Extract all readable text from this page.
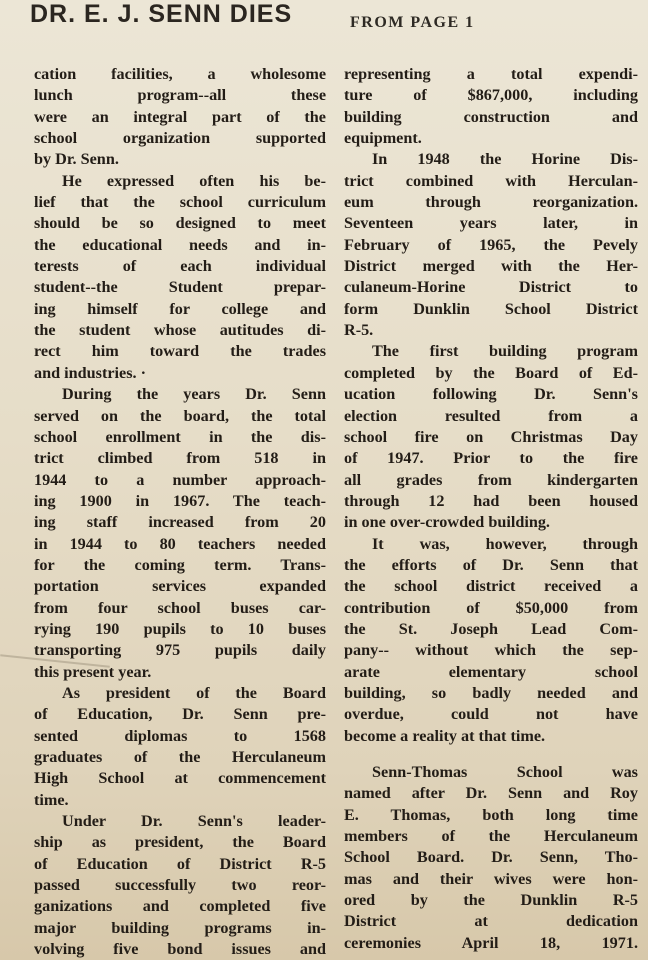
DR. E. J. SENN DIES	FROM PAGE 1
cation facilities, a wholesome
lunch program--all these
were an integral part of the
school organization supported
by Dr. Senn.
He expressed often his be-
lief that the school curriculum
should be so designed to meet
the educational needs and in-
terests of each individual
student--the Student prepar-
ing himself for college and
the student whose autitudes di-
rect him toward the trades
and industries. ·
During the years Dr. Senn
served on the board, the total
school enrollment in the dis-
trict climbed from 518 in
1944 to a number approach-
ing 1900 in 1967. The teach-
ing staff increased from 20
in 1944 to 80 teachers needed
for the coming term. Trans-
portation services expanded
from four school buses car-
rying 190 pupils to 10 buses
transporting 975 pupils daily
this present year.
As president of the Board
of Education, Dr. Senn pre-
sented diplomas to 1568
graduates of the Herculaneum
High School at commencement
time.
Under Dr. Senn's leader-
ship as president, the Board
of Education of District R-5
passed successfully two reor-
ganizations and completed five
major building programs in-
volving five bond issues and
representing a total expendi-
ture of $867,000, including
building construction and
equipment.
In 1948 the Horine Dis-
trict combined with Herculan-
eum through reorganization.
Seventeen years later, in
February of 1965, the Pevely
District merged with the Her-
culaneum-Horine District to
form Dunklin School District
R-5.
The first building program
completed by the Board of Ed-
ucation following Dr. Senn's
election resulted from a
school fire on Christmas Day
of 1947. Prior to the fire
all grades from kindergarten
through 12 had been housed
in one over-crowded building.
It was, however, through
the efforts of Dr. Senn that
the school district received a
contribution of $50,000 from
the St. Joseph Lead Com-
pany-- without which the sep-
arate elementary school
building, so badly needed and
overdue, could not have
become a reality at that time.
Senn-Thomas School was
named after Dr. Senn and Roy
E. Thomas, both long time
members of the Herculaneum
School Board. Dr. Senn, Tho-
mas and their wives were hon-
ored by the Dunklin R-5
District at dedication
ceremonies April 18, 1971.
